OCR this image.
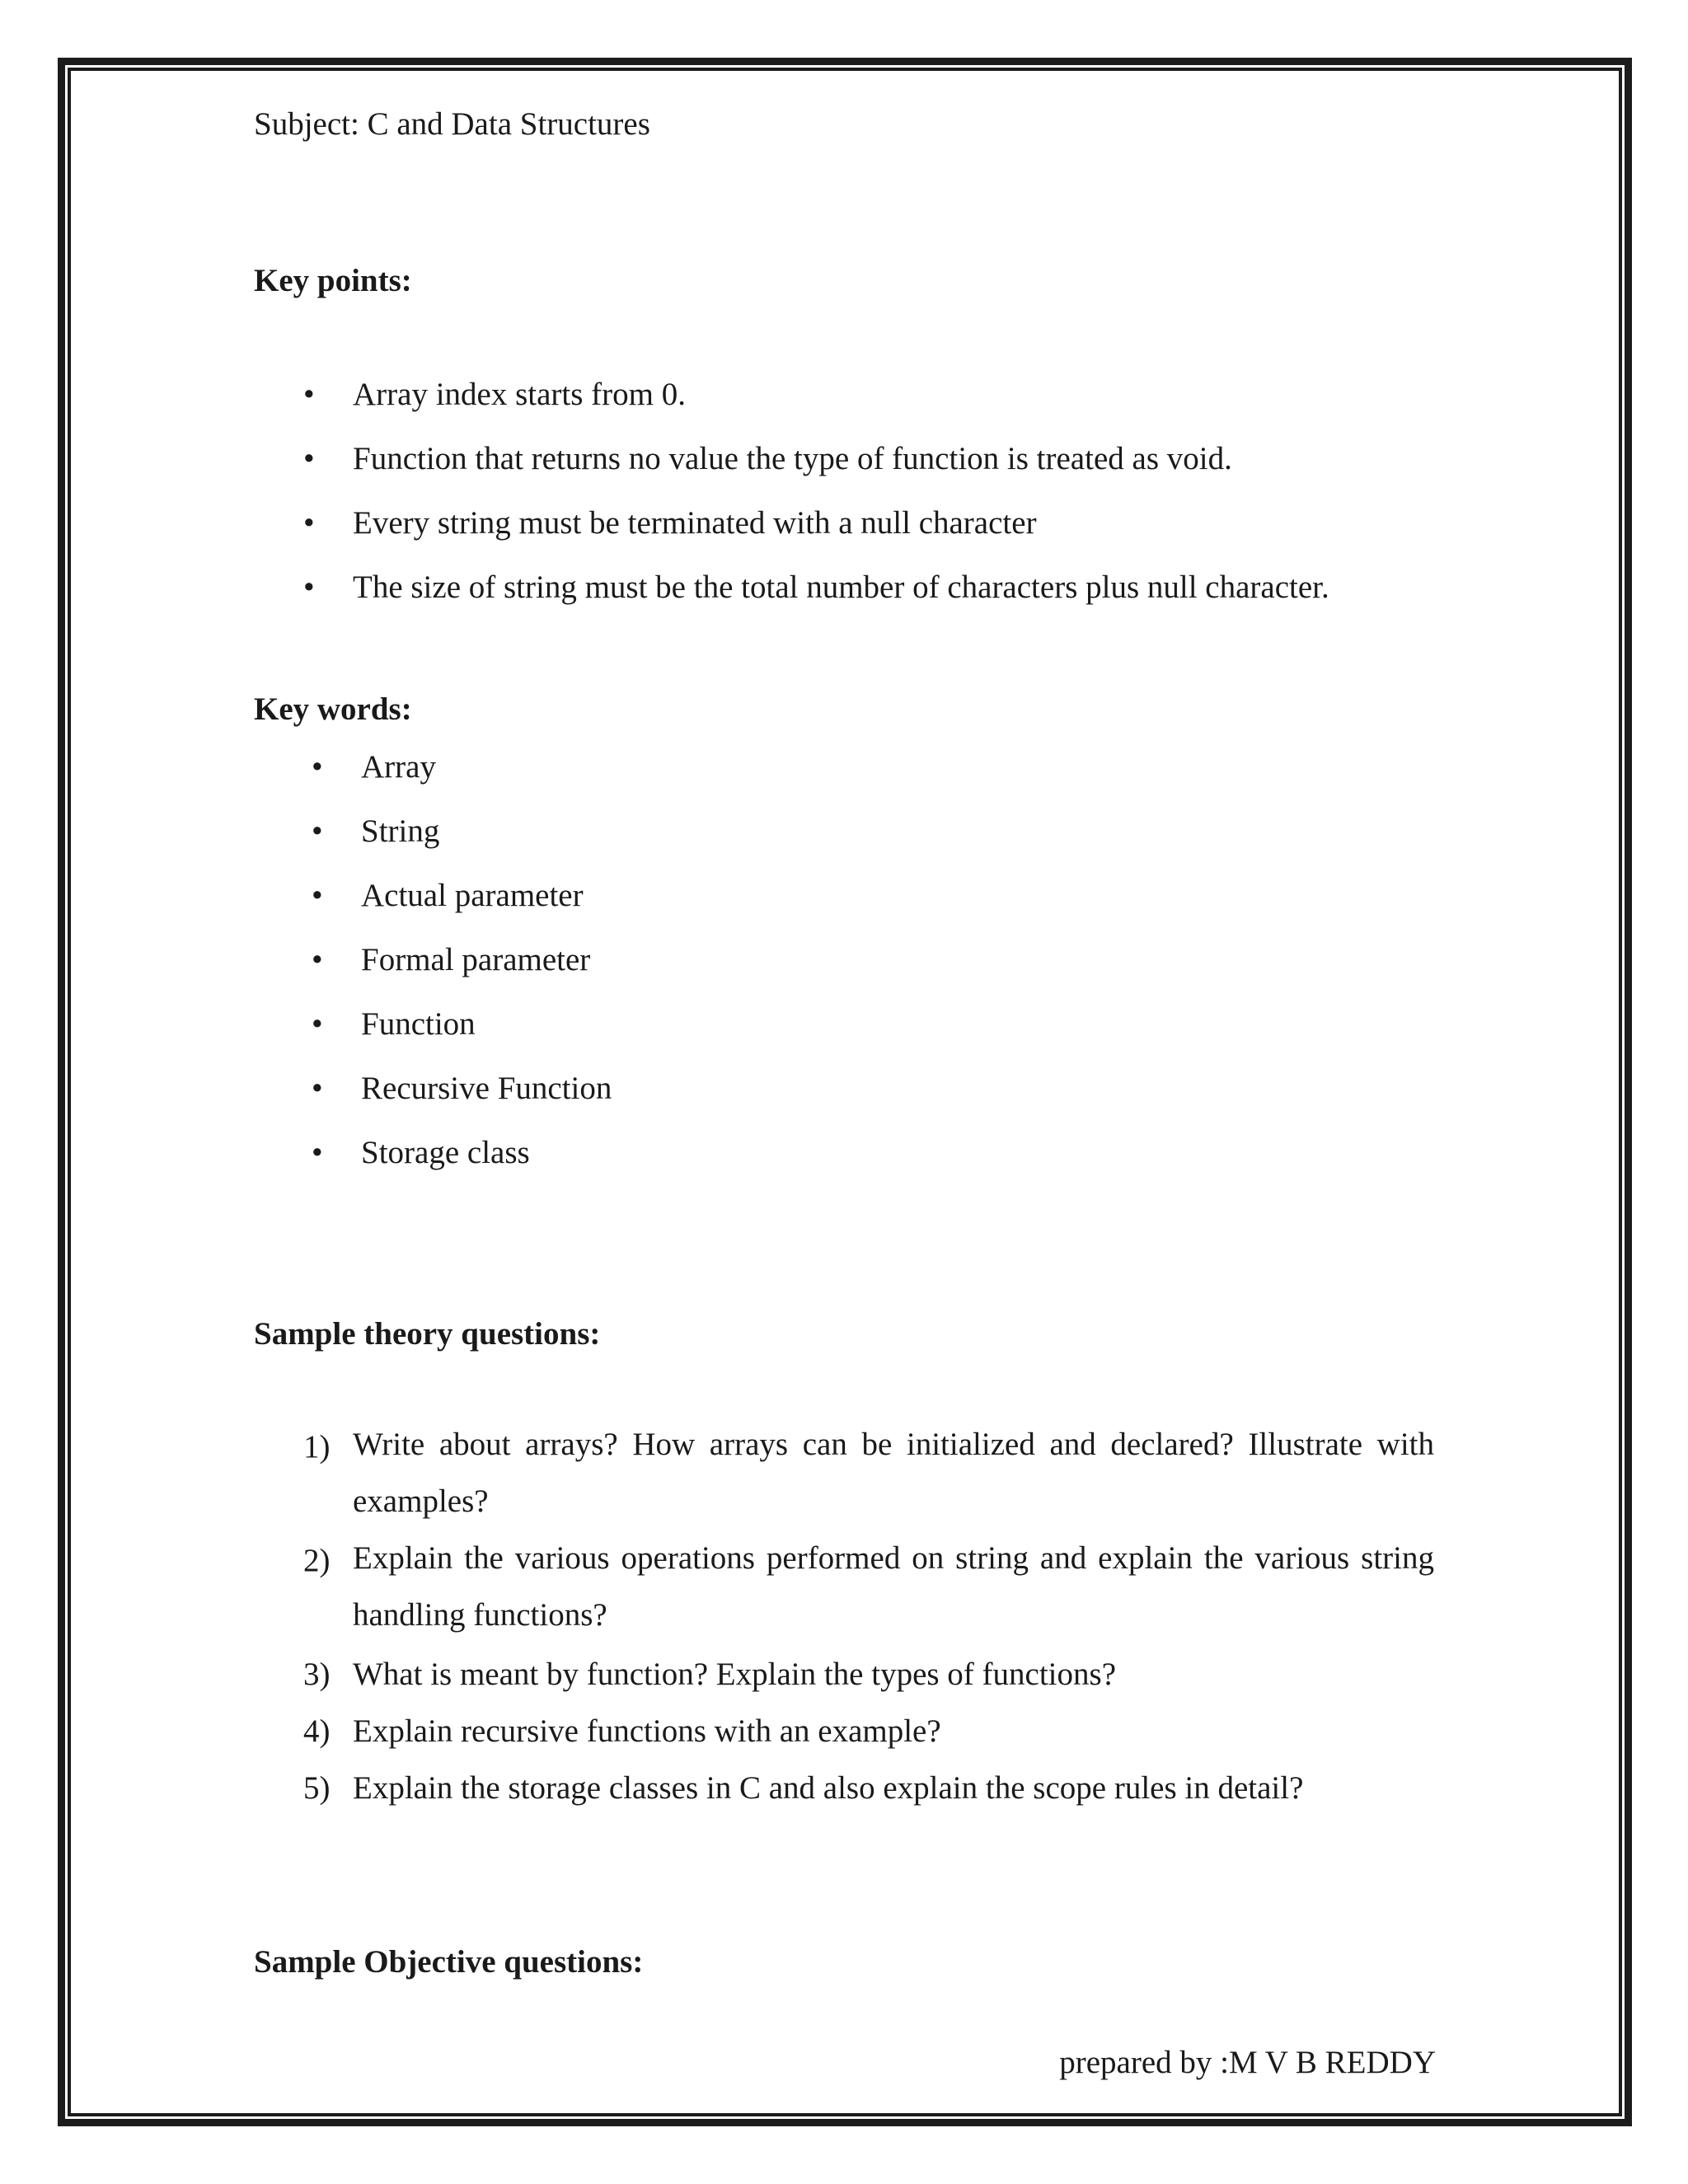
Subject: C and Data Structures
Key points:
• Array index starts from 0.
• Function that returns no value the type of function is treated as void.
• Every string must be terminated with a null character
• The size of string must be the total number of characters plus null character.
Key words:
• Array
• String
• Actual parameter
• Formal parameter
• Function
• Recursive Function
• Storage class
Sample theory questions:
1) Write about arrays? How arrays can be initialized and declared? Illustrate with examples?
2) Explain the various operations performed on string and explain the various string handling functions?
3) What is meant by function? Explain the types of functions?
4) Explain recursive functions with an example?
5) Explain the storage classes in C and also explain the scope rules in detail?
Sample Objective questions:
prepared by :M V B REDDY
